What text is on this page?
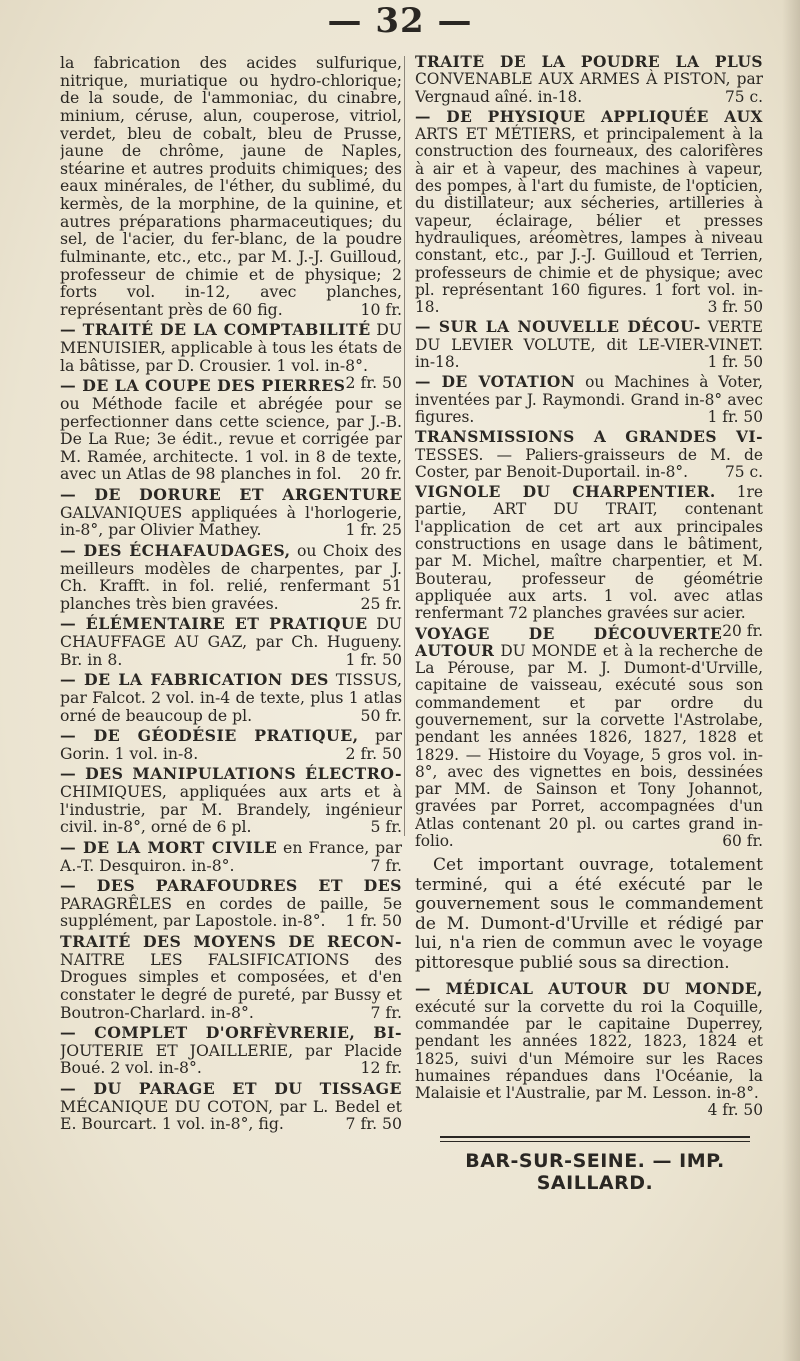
— 32 —

la fabrication des acides sulfurique, nitrique, muriatique ou hydro-chlorique; de la soude, de l'ammoniac, du cinabre, minium, céruse, alun, couperose, vitriol, verdet, bleu de cobalt, bleu de Prusse, jaune de chrôme, jaune de Naples, stéarine et autres produits chimiques; des eaux minérales, de l'éther, du sublimé, du kermès, de la morphine, de la quinine, et autres préparations pharmaceutiques; du sel, de l'acier, du fer-blanc, de la poudre fulminante, etc., etc., par M. J.-J. Guilloud, professeur de chimie et de physique; 2 forts vol. in-12, avec planches, représentant près de 60 fig.	10 fr.

— TRAITÉ DE LA COMPTABILITÉ DU MENUISIER, applicable à tous les états de la bâtisse, par D. Crousier. 1 vol. in-8°.
2 fr. 50

— DE LA COUPE DES PIERRES ou Méthode facile et abrégée pour se perfectionner dans cette science, par J.-B. De La Rue; 3e édit., revue et corrigée par M. Ramée, architecte. 1 vol. in 8 de texte, avec un Atlas de 98 planches in fol. 20 fr.

— DE DORURE ET ARGENTURE GALVANIQUES appliquées à l'horlogerie, in-8°, par Olivier Mathey.	1 fr. 25

— DES ÉCHAFAUDAGES, ou Choix des meilleurs modèles de charpentes, par J. Ch. Krafft. in fol. relié, renfermant 51 planches très bien gravées.	25 fr.

— ÉLÉMENTAIRE ET PRATIQUE DU CHAUFFAGE AU GAZ, par Ch. Hugueny. Br. in 8.	1 fr. 50

— DE LA FABRICATION DES TISSUS, par Falcot. 2 vol. in-4 de texte, plus 1 atlas orné de beaucoup de pl.	50 fr.

— DE GÉODÉSIE PRATIQUE, par Gorin. 1 vol. in-8.	2 fr. 50

— DES MANIPULATIONS ÉLECTRO- CHIMIQUES, appliquées aux arts et à l'industrie, par M. Brandely, ingénieur civil. in-8°, orné de 6 pl.	5 fr.

— DE LA MORT CIVILE en France, par A.-T. Desquiron. in-8°.	7 fr.

— DES PARAFOUDRES ET DES PARAGRÊLES en cordes de paille, 5e supplément, par Lapostole. in-8°. 1 fr. 50

TRAITÉ DES MOYENS DE RECON- NAITRE LES FALSIFICATIONS des Drogues simples et composées, et d'en constater le degré de pureté, par Bussy et Boutron-Charlard. in-8°.	7 fr.

— COMPLET D'ORFÈVRERIE, BI- JOUTERIE ET JOAILLERIE, par Placide Boué. 2 vol. in-8°.	12 fr.

— DU PARAGE ET DU TISSAGE MÉCANIQUE DU COTON, par L. Bedel et E. Bourcart. 1 vol. in-8°, fig.	7 fr. 50

TRAITÉ DE LA POUDRE LA PLUS CONVENABLE AUX ARMES À PISTON, par Vergnaud aîné. in-18.	75 c.

— DE PHYSIQUE APPLIQUÉE AUX ARTS ET MÉTIERS, et principalement à la construction des fourneaux, des calorifères à air et à vapeur, des machines à vapeur, des pompes, à l'art du fumiste, de l'opticien, du distillateur; aux sécheries, artilleries à vapeur, éclairage, bélier et presses hydrauliques, aréomètres, lampes à niveau constant, etc., par J.-J. Guilloud et Terrien, professeurs de chimie et de physique; avec pl. représentant 160 figures. 1 fort vol. in-18.	3 fr. 50

— SUR LA NOUVELLE DÉCOU- VERTE DU LEVIER VOLUTE, dit LE-VIER-VINET. in-18.	1 fr. 50

— DE VOTATION ou Machines à Voter, inventées par J. Raymondi. Grand in-8° avec figures.	1 fr. 50

TRANSMISSIONS A GRANDES VI- TESSES. — Paliers-graisseurs de M. de Coster, par Benoit-Duportail. in-8°. 75 c.

VIGNOLE DU CHARPENTIER. 1re partie, ART DU TRAIT, contenant l'application de cet art aux principales constructions en usage dans le bâtiment, par M. Michel, maître charpentier, et M. Bouterau, professeur de géométrie appliquée aux arts. 1 vol. avec atlas renfermant 72 planches gravées sur acier.
20 fr.

VOYAGE DE DÉCOUVERTE AUTOUR DU MONDE et à la recherche de La Pérouse, par M. J. Dumont-d'Urville, capitaine de vaisseau, exécuté sous son commandement et par ordre du gouvernement, sur la corvette l'Astrolabe, pendant les années 1826, 1827, 1828 et 1829. — Histoire du Voyage, 5 gros vol. in-8°, avec des vignettes en bois, dessinées par MM. de Sainson et Tony Johannot, gravées par Porret, accompagnées d'un Atlas contenant 20 pl. ou cartes grand in-folio.	60 fr.

Cet important ouvrage, totalement terminé, qui a été exécuté par le gouvernement sous le commandement de M. Dumont-d'Urville et rédigé par lui, n'a rien de commun avec le voyage pittoresque publié sous sa direction.

— MÉDICAL AUTOUR DU MONDE, exécuté sur la corvette du roi la Coquille, commandée par le capitaine Duperrey, pendant les années 1822, 1823, 1824 et 1825, suivi d'un Mémoire sur les Races humaines répandues dans l'Océanie, la Malaisie et l'Australie, par M. Lesson. in-8°.
4 fr. 50

BAR-SUR-SEINE. — IMP. SAILLARD.
